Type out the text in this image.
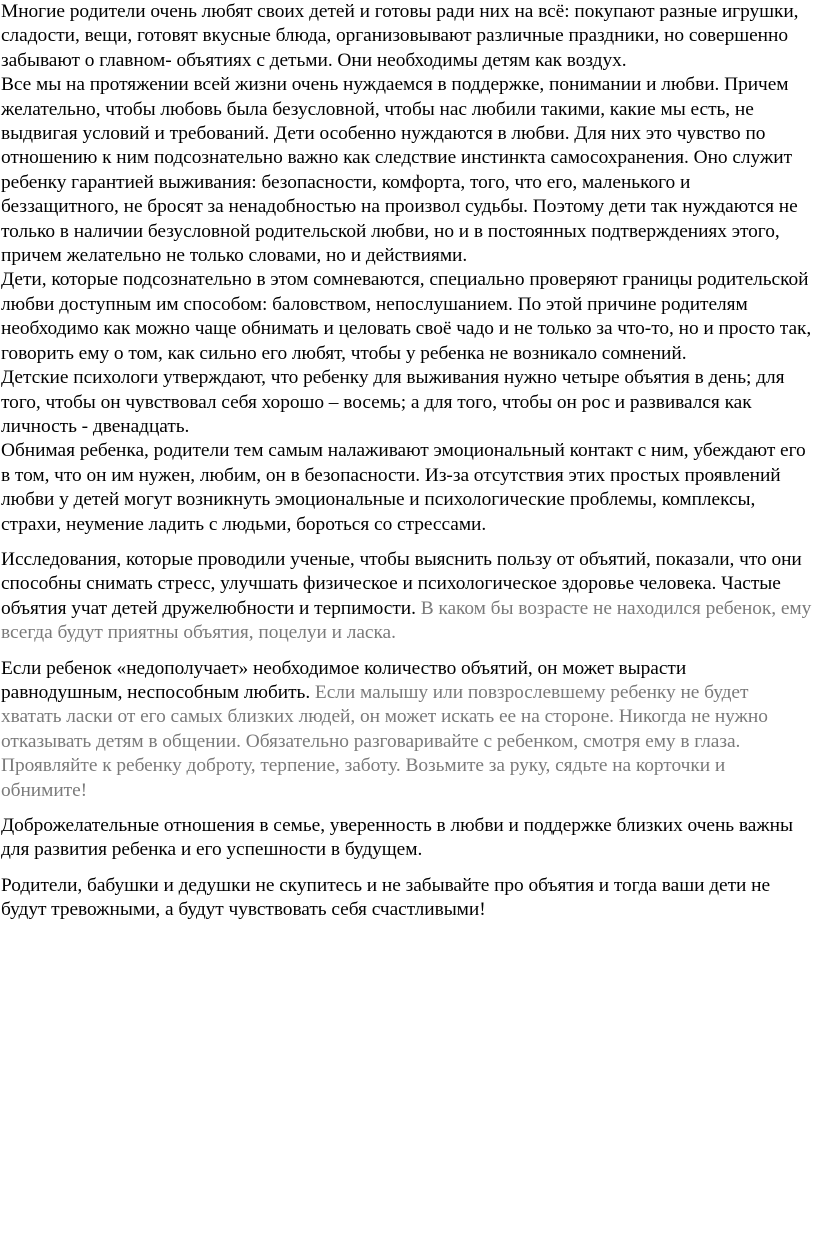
Многие родители очень любят своих детей и готовы ради них на всё: покупают разные игрушки, сладости, вещи, готовят вкусные блюда, организовывают различные праздники, но совершенно забывают о главном- объятиях с детьми. Они необходимы детям как воздух.

Все мы на протяжении всей жизни очень нуждаемся в поддержке, понимании и любви. Причем желательно, чтобы любовь была безусловной, чтобы нас любили такими, какие мы есть, не выдвигая условий и требований. Дети особенно нуждаются в любви. Для них это чувство по отношению к ним подсознательно важно как следствие инстинкта самосохранения. Оно служит ребенку гарантией выживания: безопасности, комфорта, того, что его, маленького и беззащитного, не бросят за ненадобностью на произвол судьбы. Поэтому дети так нуждаются не только в наличии безусловной родительской любви, но и в постоянных подтверждениях этого, причем желательно не только словами, но и действиями.

Дети, которые подсознательно в этом сомневаются, специально проверяют границы родительской любви доступным им способом: баловством, непослушанием. По этой причине родителям необходимо как можно чаще обнимать и целовать своё чадо и не только за что-то, но и просто так, говорить ему о том, как сильно его любят, чтобы у ребенка не возникало сомнений.

Детские психологи утверждают, что ребенку для выживания нужно четыре объятия в день; для того, чтобы он чувствовал себя хорошо – восемь; а для того, чтобы он рос и развивался как личность - двенадцать.

Обнимая ребенка, родители тем самым налаживают эмоциональный контакт с ним, убеждают его в том, что он им нужен, любим, он в безопасности. Из-за отсутствия этих простых проявлений любви у детей могут возникнуть эмоциональные и психологические проблемы, комплексы, страхи, неумение ладить с людьми, бороться со стрессами.

Исследования, которые проводили ученые, чтобы выяснить пользу от объятий, показали, что они способны снимать стресс, улучшать физическое и психологическое здоровье человека. Частые объятия учат детей дружелюбности и терпимости. В каком бы возрасте не находился ребенок, ему всегда будут приятны объятия, поцелуи и ласка.

Если ребенок «недополучает» необходимое количество объятий, он может вырасти равнодушным, неспособным любить. Если малышу или повзрослевшему ребенку не будет хватать ласки от его самых близких людей, он может искать ее на стороне. Никогда не нужно отказывать детям в общении. Обязательно разговаривайте с ребенком, смотря ему в глаза. Проявляйте к ребенку доброту, терпение, заботу. Возьмите за руку, сядьте на корточки и обнимите!

Доброжелательные отношения в семье, уверенность в любви и поддержке близких очень важны для развития ребенка и его успешности в будущем.

Родители, бабушки и дедушки не скупитесь и не забывайте про объятия и тогда ваши дети не будут тревожными, а будут чувствовать себя счастливыми!
